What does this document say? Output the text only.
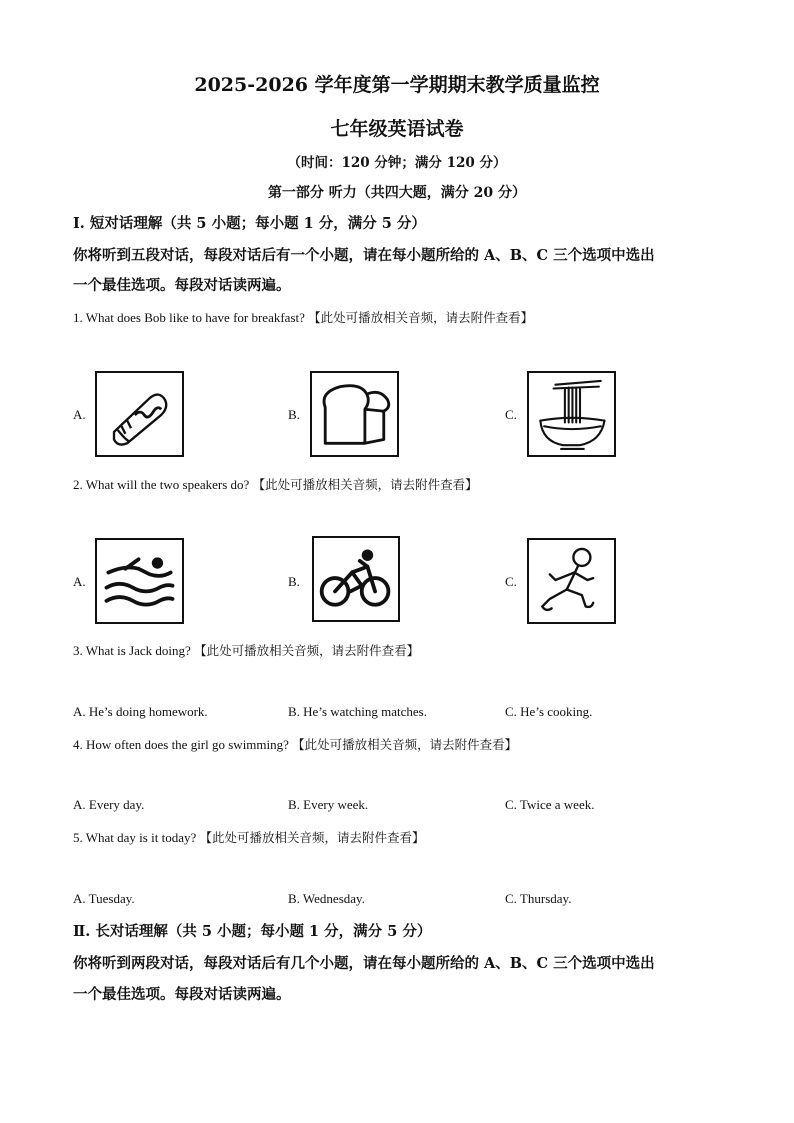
2025-2026 学年度第一学期期末教学质量监控
七年级英语试卷
（时间：120 分钟；满分 120 分）
第一部分 听力（共四大题，满分 20 分）
Ⅰ. 短对话理解（共 5 小题；每小题 1 分，满分 5 分）
你将听到五段对话，每段对话后有一个小题，请在每小题所给的 A、B、C 三个选项中选出
一个最佳选项。每段对话读两遍。
1. What does Bob like to have for breakfast? 【此处可播放相关音频，请去附件查看】
A.	B.	C.
2. What will the two speakers do? 【此处可播放相关音频，请去附件查看】
A.	B.	C.
3. What is Jack doing? 【此处可播放相关音频，请去附件查看】
A. He’s doing homework.	B. He’s watching matches.	C. He’s cooking.
4. How often does the girl go swimming? 【此处可播放相关音频，请去附件查看】
A. Every day.	B. Every week.	C. Twice a week.
5. What day is it today? 【此处可播放相关音频，请去附件查看】
A. Tuesday.	B. Wednesday.	C. Thursday.
Ⅱ. 长对话理解（共 5 小题；每小题 1 分，满分 5 分）
你将听到两段对话，每段对话后有几个小题，请在每小题所给的 A、B、C 三个选项中选出
一个最佳选项。每段对话读两遍。
